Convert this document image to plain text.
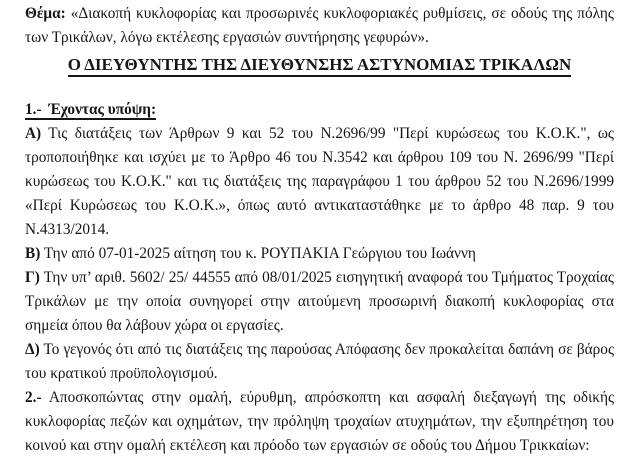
Θέμα: «Διακοπή κυκλοφορίας και προσωρινές κυκλοφοριακές ρυθμίσεις, σε οδούς της πόλης των Τρικάλων, λόγω εκτέλεσης εργασιών συντήρησης γεφυρών».

Ο ΔΙΕΥΘΥΝΤΗΣ ΤΗΣ ΔΙΕΥΘΥΝΣΗΣ ΑΣΤΥΝΟΜΙΑΣ ΤΡΙΚΑΛΩΝ

1.- Έχοντας υπόψη:

Α) Τις διατάξεις των Άρθρων 9 και 52 του Ν.2696/99 "Περί κυρώσεως του Κ.Ο.Κ.", ως τροποποιήθηκε και ισχύει με το Άρθρο 46 του Ν.3542 και άρθρου 109 του Ν. 2696/99 "Περί κυρώσεως του Κ.Ο.Κ." και τις διατάξεις της παραγράφου 1 του άρθρου 52 του Ν.2696/1999 «Περί Κυρώσεως του Κ.Ο.Κ.», όπως αυτό αντικαταστάθηκε με το άρθρο 48 παρ. 9 του Ν.4313/2014.

Β) Την από 07-01-2025 αίτηση του κ. ΡΟΥΠΑΚΙΑ Γεώργιου του Ιωάννη

Γ) Την υπ’ αριθ. 5602/ 25/ 44555 από 08/01/2025 εισηγητική αναφορά του Τμήματος Τροχαίας Τρικάλων με την οποία συνηγορεί στην αιτούμενη προσωρινή διακοπή κυκλοφορίας στα σημεία όπου θα λάβουν χώρα οι εργασίες.

Δ) Το γεγονός ότι από τις διατάξεις της παρούσας Απόφασης δεν προκαλείται δαπάνη σε βάρος του κρατικού προϋπολογισμού.

2.- Αποσκοπώντας στην ομαλή, εύρυθμη, απρόσκοπτη και ασφαλή διεξαγωγή της οδικής κυκλοφορίας πεζών και οχημάτων, την πρόληψη τροχαίων ατυχημάτων, την εξυπηρέτηση του κοινού και στην ομαλή εκτέλεση και πρόοδο των εργασιών σε οδούς του Δήμου Τρικκαίων:
